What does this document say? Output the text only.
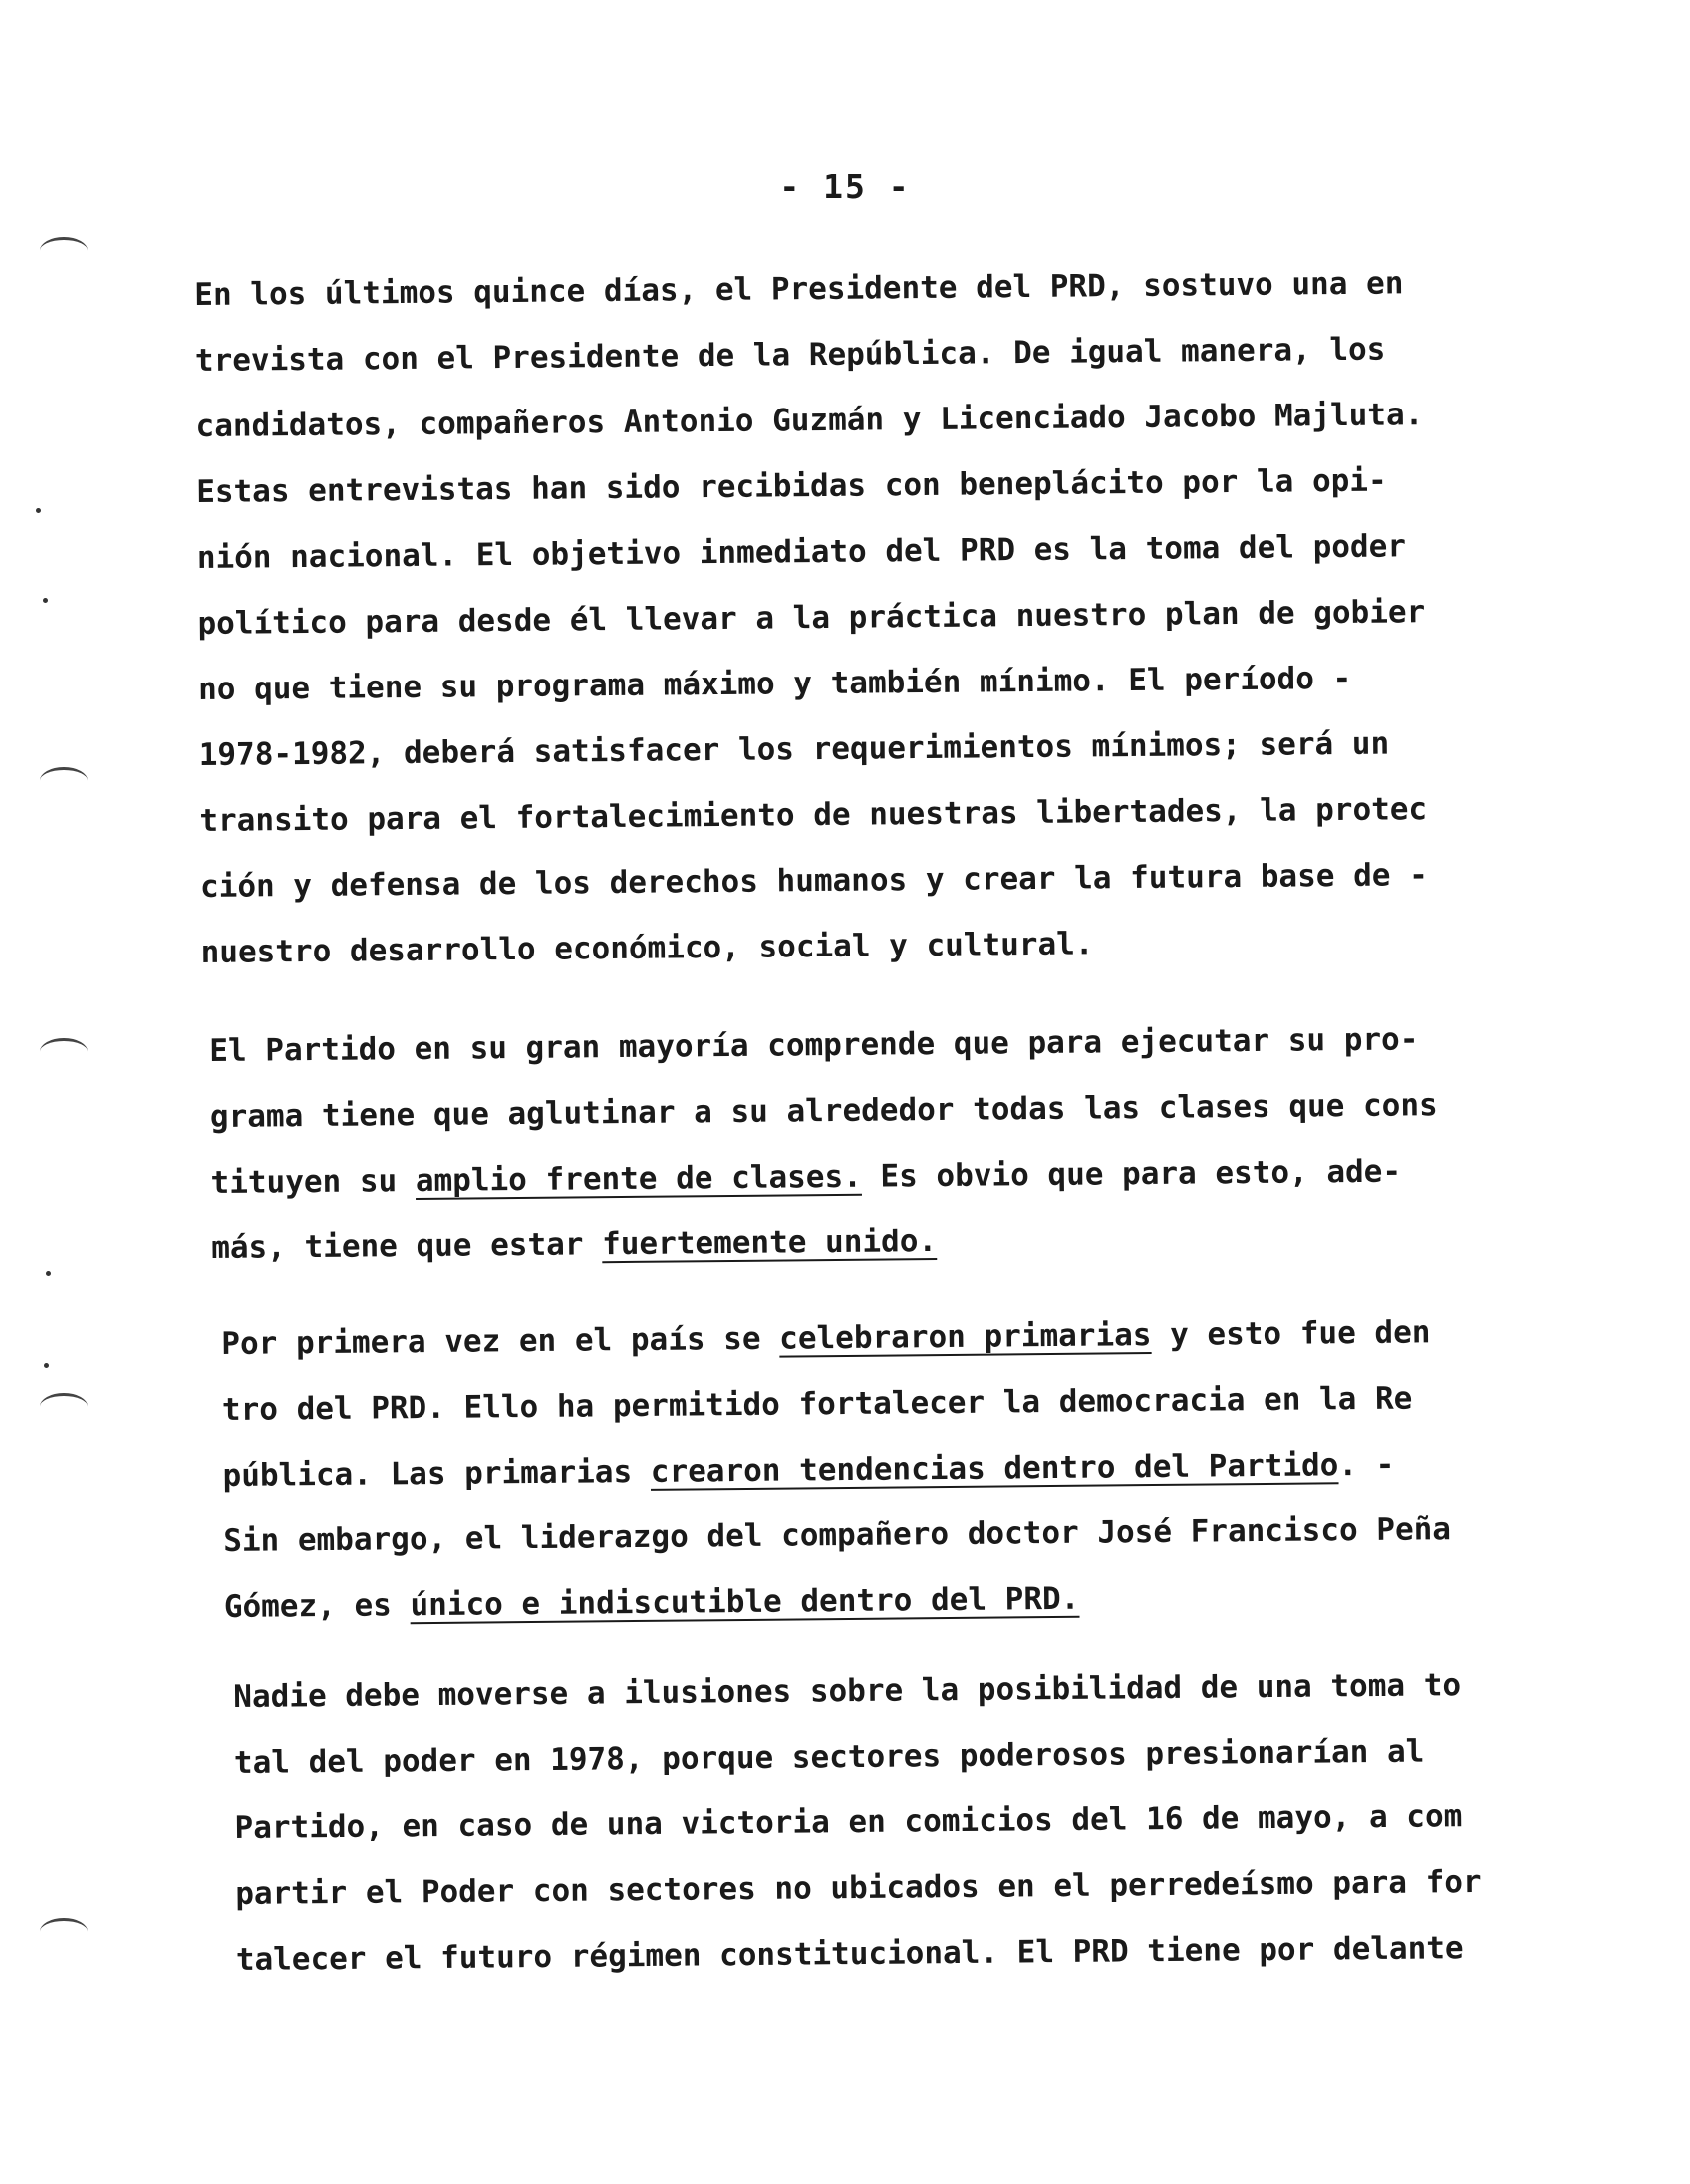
- 15 -
En los últimos quince días, el Presidente del PRD, sostuvo una en
trevista con el Presidente de la República. De igual manera, los
candidatos, compañeros Antonio Guzmán y Licenciado Jacobo Majluta.
Estas entrevistas han sido recibidas con beneplácito por la opi-
nión nacional. El objetivo inmediato del PRD es la toma del poder
político para desde él llevar a la práctica nuestro plan de gobier
no que tiene su programa máximo y también mínimo. El período -
1978-1982, deberá satisfacer los requerimientos mínimos; será un
transito para el fortalecimiento de nuestras libertades, la protec
ción y defensa de los derechos humanos y crear la futura base de -
nuestro desarrollo económico, social y cultural.
El Partido en su gran mayoría comprende que para ejecutar su pro-
grama tiene que aglutinar a su alrededor todas las clases que cons
tituyen su amplio frente de clases. Es obvio que para esto, ade-
más, tiene que estar fuertemente unido.
Por primera vez en el país se celebraron primarias y esto fue den
tro del PRD. Ello ha permitido fortalecer la democracia en la Re
pública. Las primarias crearon tendencias dentro del Partido. -
Sin embargo, el liderazgo del compañero doctor José Francisco Peña
Gómez, es único e indiscutible dentro del PRD.
Nadie debe moverse a ilusiones sobre la posibilidad de una toma to
tal del poder en 1978, porque sectores poderosos presionarían al
Partido, en caso de una victoria en comicios del 16 de mayo, a com
partir el Poder con sectores no ubicados en el perredeísmo para for
talecer el futuro régimen constitucional. El PRD tiene por delante
